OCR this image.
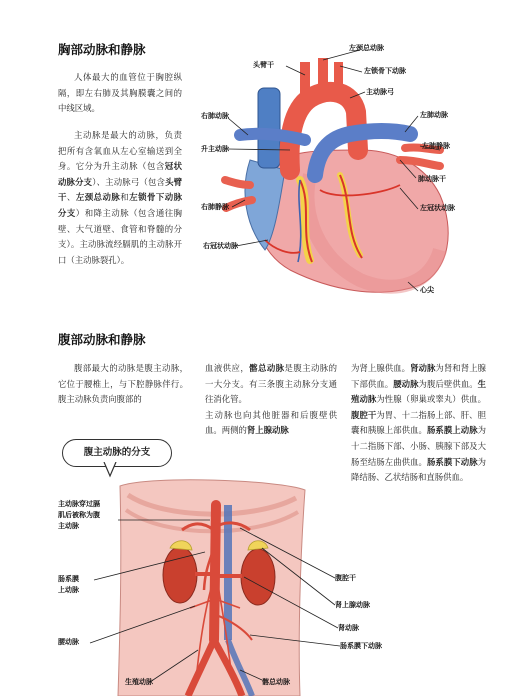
胸部动脉和静脉
人体最大的血管位于胸腔纵隔，即左右肺及其胸膜囊之间的中线区域。
主动脉是最大的动脉，负责把所有含氧血从左心室输送到全身。它分为升主动脉（包含冠状动脉分支）、主动脉弓（包含头臂干、左颈总动脉和左锁骨下动脉分支）和降主动脉（包含通往胸壁、大气道壁、食管和脊髓的分支）。主动脉流经膈肌的主动脉开口（主动脉裂孔）。
头臂干
左颈总动脉
左锁骨下动脉
主动脉弓
右肺动脉	左肺动脉
升主动脉	左肺静脉
肺动脉干
右肺静脉	左冠状动脉
右冠状动脉
心尖
腹部动脉和静脉
腹部最大的动脉是腹主动脉，它位于腰椎上，与下腔静脉伴行。腹主动脉负责向腹部的
血液供应，髂总动脉是腹主动脉的一大分支。有三条腹主动脉分支通往消化管。
主动脉也向其他脏器和后腹壁供血。两侧的肾上腺动脉
为肾上腺供血。肾动脉为肾和肾上腺下部供血。腰动脉为腹后壁供血。生殖动脉为性腺（卵巢或睾丸）供血。腹腔干为胃、十二指肠上部、肝、胆囊和胰腺上部供血。肠系膜上动脉为十二指肠下部、小肠、胰腺下部及大肠至结肠左曲供血。肠系膜下动脉为降结肠、乙状结肠和直肠供血。
腹主动脉的分支
主动脉穿过膈
肌后被称为腹
主动脉
肠系膜
上动脉
腰动脉
生殖动脉
腹腔干
肾上腺动脉
肾动脉
肠系膜下动脉
髂总动脉
